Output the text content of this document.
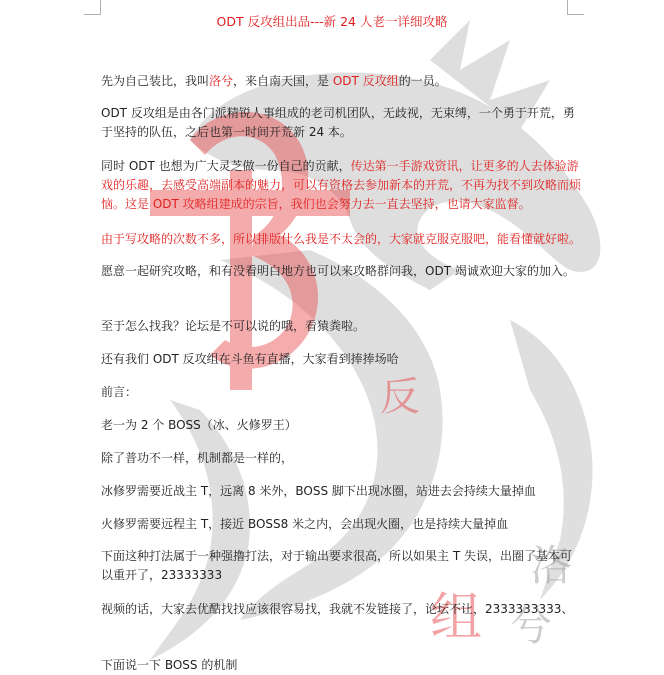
反
洛
兮
组
ODT 反攻组出品---新 24 人老一详细攻略

先为自己装比，我叫洛兮，来自南天国，是 ODT 反攻组的一员。

ODT 反攻组是由各门派精锐人事组成的老司机团队，无歧视，无束缚，一个勇于开荒，勇于坚持的队伍，之后也第一时间开荒新 24 本。

同时 ODT 也想为广大灵芝做一份自己的贡献，传达第一手游戏资讯，让更多的人去体验游戏的乐趣，去感受高端副本的魅力，可以有资格去参加新本的开荒，不再为找不到攻略而烦恼。这是 ODT 攻略组建成的宗旨，我们也会努力去一直去坚持，也请大家监督。

由于写攻略的次数不多，所以排版什么我是不太会的，大家就克服克服吧，能看懂就好啦。

愿意一起研究攻略，和有没看明白地方也可以来攻略群问我，ODT 竭诚欢迎大家的加入。

至于怎么找我？论坛是不可以说的哦，看猿粪啦。

还有我们 ODT 反攻组在斗鱼有直播，大家看到捧捧场哈

前言：

老一为 2 个 BOSS（冰、火修罗王）

除了普功不一样，机制都是一样的，

冰修罗需要近战主 T，远离 8 米外，BOSS 脚下出现冰圈，站进去会持续大量掉血

火修罗需要远程主 T，接近 BOSS8 米之内，会出现火圈，也是持续大量掉血

下面这种打法属于一种强撸打法，对于输出要求很高，所以如果主 T 失误，出圈了基本可以重开了，23333333

视频的话，大家去优酷找找应该很容易找，我就不发链接了，论坛不让，2333333333、

下面说一下 BOSS 的机制
